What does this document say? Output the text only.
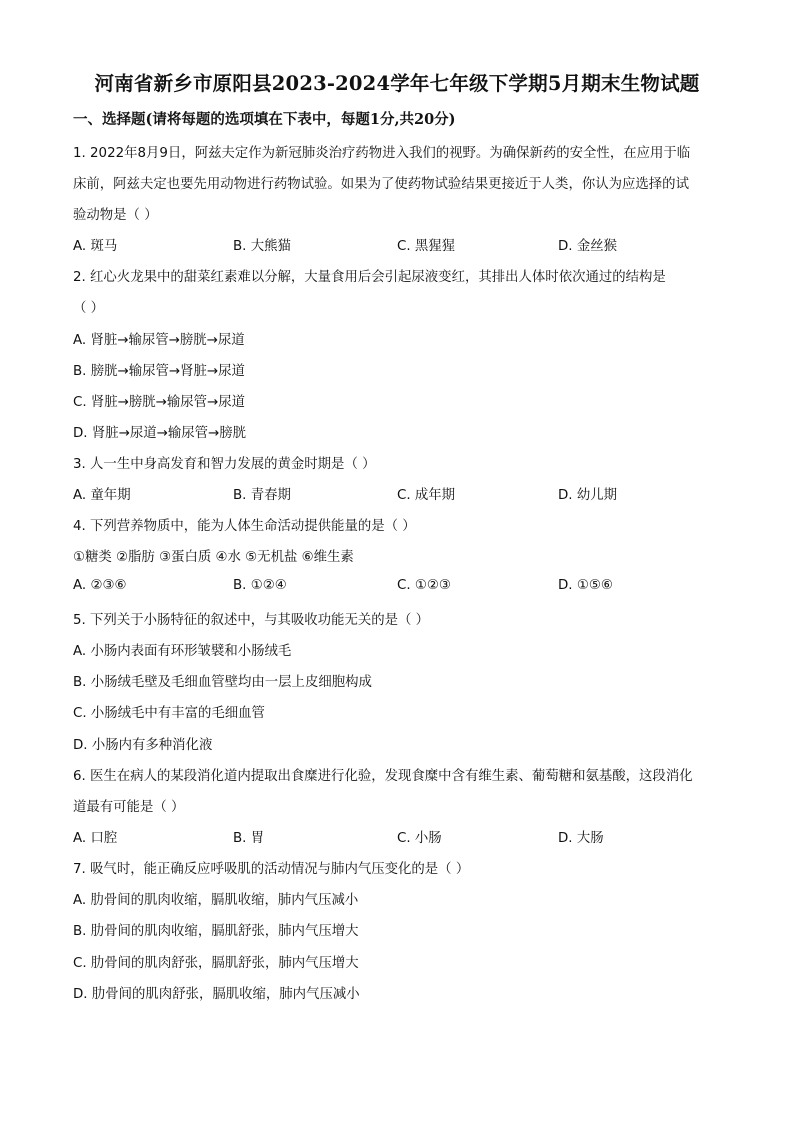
河南省新乡市原阳县2023-2024学年七年级下学期5月期末生物试题
一、选择题(请将每题的选项填在下表中，每题1分,共20分)
1. 2022年8月9日，阿兹夫定作为新冠肺炎治疗药物进入我们的视野。为确保新药的安全性，在应用于临
床前，阿兹夫定也要先用动物进行药物试验。如果为了使药物试验结果更接近于人类，你认为应选择的试
验动物是（ ）
A. 斑马	B. 大熊猫	C. 黑猩猩	D. 金丝猴
2. 红心火龙果中的甜菜红素难以分解，大量食用后会引起尿液变红，其排出人体时依次通过的结构是
（ ）
A. 肾脏→输尿管→膀胱→尿道
B. 膀胱→输尿管→肾脏→尿道
C. 肾脏→膀胱→输尿管→尿道
D. 肾脏→尿道→输尿管→膀胱
3. 人一生中身高发育和智力发展的黄金时期是（ ）
A. 童年期	B. 青春期	C. 成年期	D. 幼儿期
4. 下列营养物质中，能为人体生命活动提供能量的是（ ）
①糖类 ②脂肪 ③蛋白质 ④水 ⑤无机盐 ⑥维生素
A. ②③⑥	B. ①②④	C. ①②③	D. ①⑤⑥
5. 下列关于小肠特征的叙述中，与其吸收功能无关的是（ ）
A. 小肠内表面有环形皱襞和小肠绒毛
B. 小肠绒毛壁及毛细血管壁均由一层上皮细胞构成
C. 小肠绒毛中有丰富的毛细血管
D. 小肠内有多种消化液
6. 医生在病人的某段消化道内提取出食糜进行化验，发现食糜中含有维生素、葡萄糖和氨基酸，这段消化
道最有可能是（ ）
A. 口腔	B. 胃	C. 小肠	D. 大肠
7. 吸气时，能正确反应呼吸肌的活动情况与肺内气压变化的是（ ）
A. 肋骨间的肌肉收缩，膈肌收缩，肺内气压减小
B. 肋骨间的肌肉收缩，膈肌舒张，肺内气压增大
C. 肋骨间的肌肉舒张，膈肌舒张，肺内气压增大
D. 肋骨间的肌肉舒张，膈肌收缩，肺内气压减小
